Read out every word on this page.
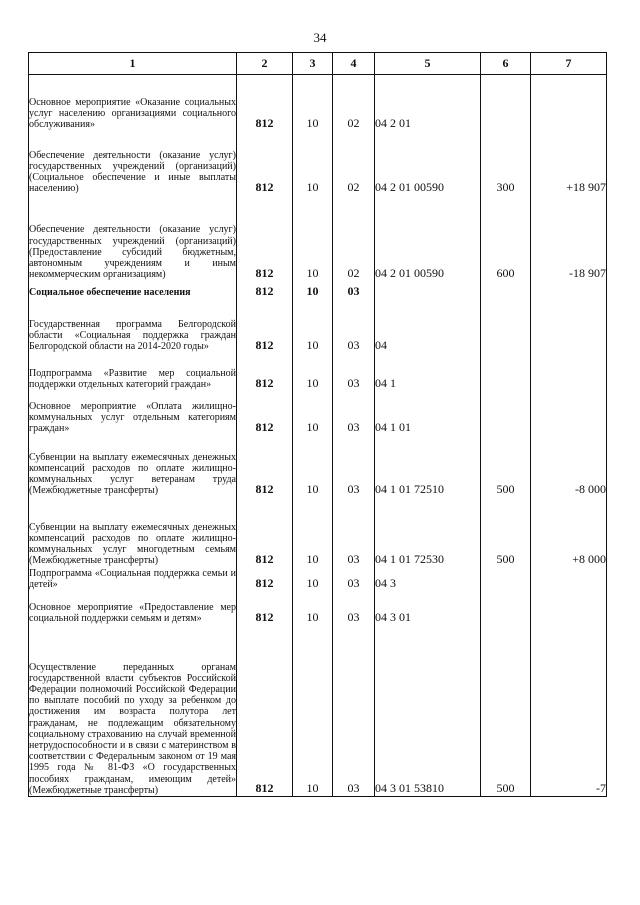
34
1	2	3	4	5	6	7
Основное мероприятие «Оказание социальных услуг населению организациями социального обслуживания»	812	10	02	04 2 01		
Обеспечение деятельности (оказание услуг) государственных учреждений (организаций) (Социальное обеспечение и иные выплаты населению)	812	10	02	04 2 01 00590	300	+18 907
Обеспечение деятельности (оказание услуг) государственных учреждений (организаций) (Предоставление субсидий бюджетным, автономным учреждениям и иным некоммерческим организациям)	812	10	02	04 2 01 00590	600	-18 907
Социальное обеспечение населения	812	10	03			
Государственная программа Белгородской области «Социальная поддержка граждан Белгородской области на 2014-2020 годы»	812	10	03	04		
Подпрограмма «Развитие мер социальной поддержки отдельных категорий граждан»	812	10	03	04 1		
Основное мероприятие «Оплата жилищно-коммунальных услуг отдельным категориям граждан»	812	10	03	04 1 01		
Субвенции на выплату ежемесячных денежных компенсаций расходов по оплате жилищно-коммунальных услуг ветеранам труда (Межбюджетные трансферты)	812	10	03	04 1 01 72510	500	-8 000
Субвенции на выплату ежемесячных денежных компенсаций расходов по оплате жилищно-коммунальных услуг многодетным семьям (Межбюджетные трансферты)	812	10	03	04 1 01 72530	500	+8 000
Подпрограмма «Социальная поддержка семьи и детей»	812	10	03	04 3		
Основное мероприятие «Предоставление мер социальной поддержки семьям и детям»	812	10	03	04 3 01		
Осуществление переданных органам государственной власти субъектов Российской Федерации полномочий Российской Федерации по выплате пособий по уходу за ребенком до достижения им возраста полутора лет гражданам, не подлежащим обязательному социальному страхованию на случай временной нетрудоспособности и в связи с материнством в соответствии с Федеральным законом от 19 мая 1995 года № 81-ФЗ «О государственных пособиях гражданам, имеющим детей» (Межбюджетные трансферты)	812	10	03	04 3 01 53810	500	-7
